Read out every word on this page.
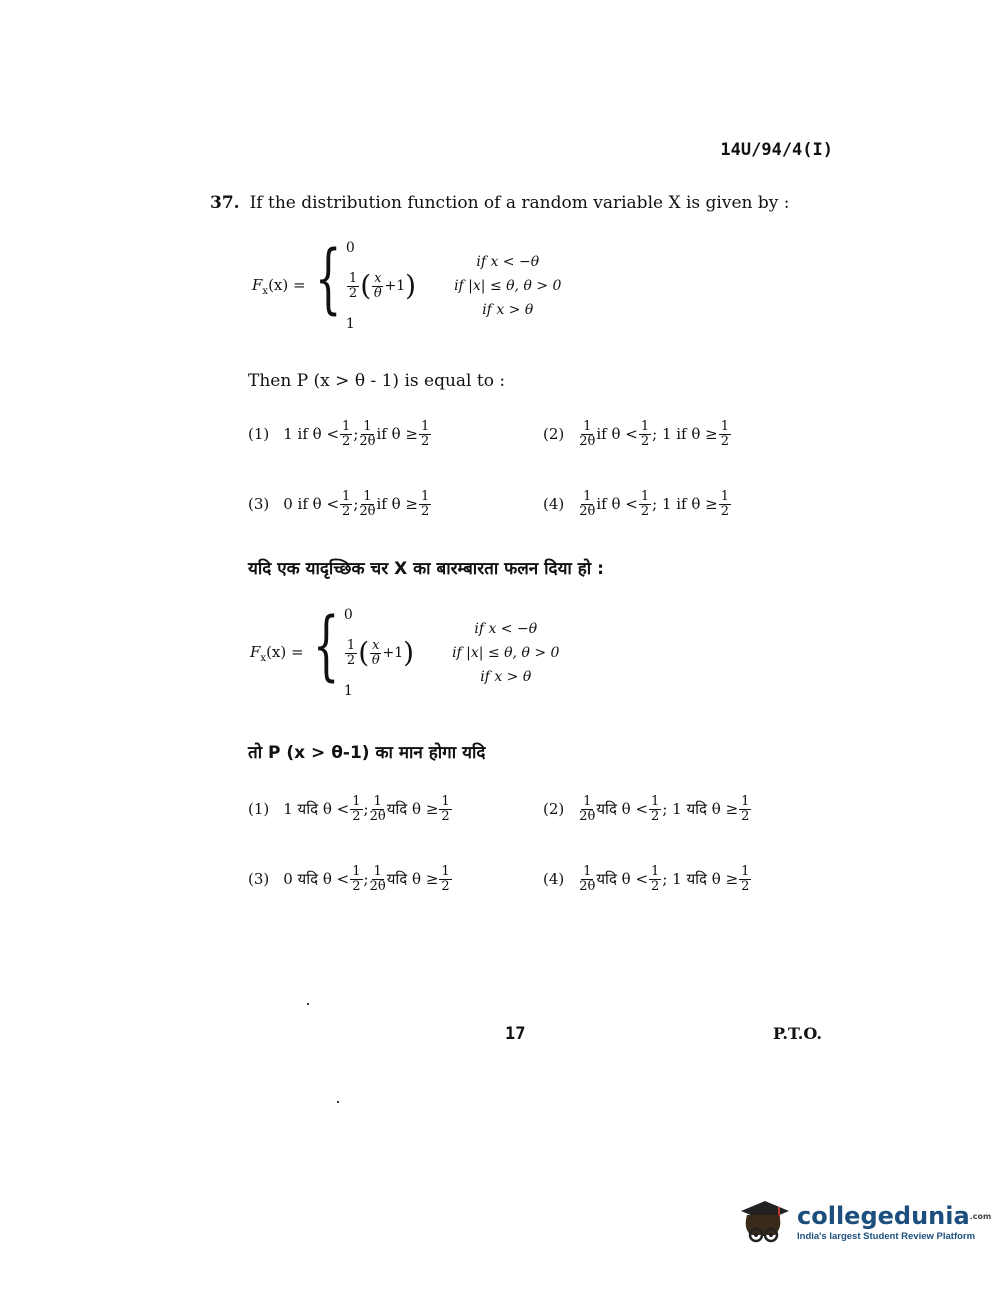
14U/94/4(I)
37. If the distribution function of a random variable X is given by :
$F_x(x)$ = { 0
$\frac{1}{2}$ ( $\frac{x}{\theta} +1$ )
1
if x < −θ
if |x| ≤ θ, θ > 0
if x > θ
Then P (x > θ - 1) is equal to :
(1) 1 if $\theta < \frac{1}{2}$ ; $\frac{1}{2\theta}$ if $\theta \ge \frac{1}{2}$	$(2) \frac{1}{2\theta}$ if $\theta < \frac{1}{2}$ ; 1 if $\theta \ge \frac{1}{2}$
(3) 0 if $\theta < \frac{1}{2}$ ; $\frac{1}{2\theta}$ if $\theta \ge \frac{1}{2}$	$(4) \frac{1}{2\theta}$ if $\theta < \frac{1}{2}$ ; 1 if $\theta \ge \frac{1}{2}$
यदि एक यादृच्छिक चर X का बारम्बारता फलन दिया हो :
$F_x(x)$ = { 0
$\frac{1}{2}$ ( $\frac{x}{\theta} +1$ )
1
if x < −θ
if |x| ≤ θ, θ > 0
if x > θ
तो P (x > θ-1) का मान होगा यदि
(1) 1 यदि $\theta < \frac{1}{2}$ ; $\frac{1}{2\theta}$ यदि $\theta \ge \frac{1}{2}$	$(2) \frac{1}{2\theta}$ यदि $\theta < \frac{1}{2}$ ; 1 यदि $\theta \ge \frac{1}{2}$
(3) 0 यदि $\theta < \frac{1}{2}$ ; $\frac{1}{2\theta}$ यदि $\theta \ge \frac{1}{2}$	$(4) \frac{1}{2\theta}$ यदि $\theta < \frac{1}{2}$ ; 1 यदि $\theta \ge \frac{1}{2}$
17	P.T.O.
collegedunia.com
India's largest Student Review Platform
